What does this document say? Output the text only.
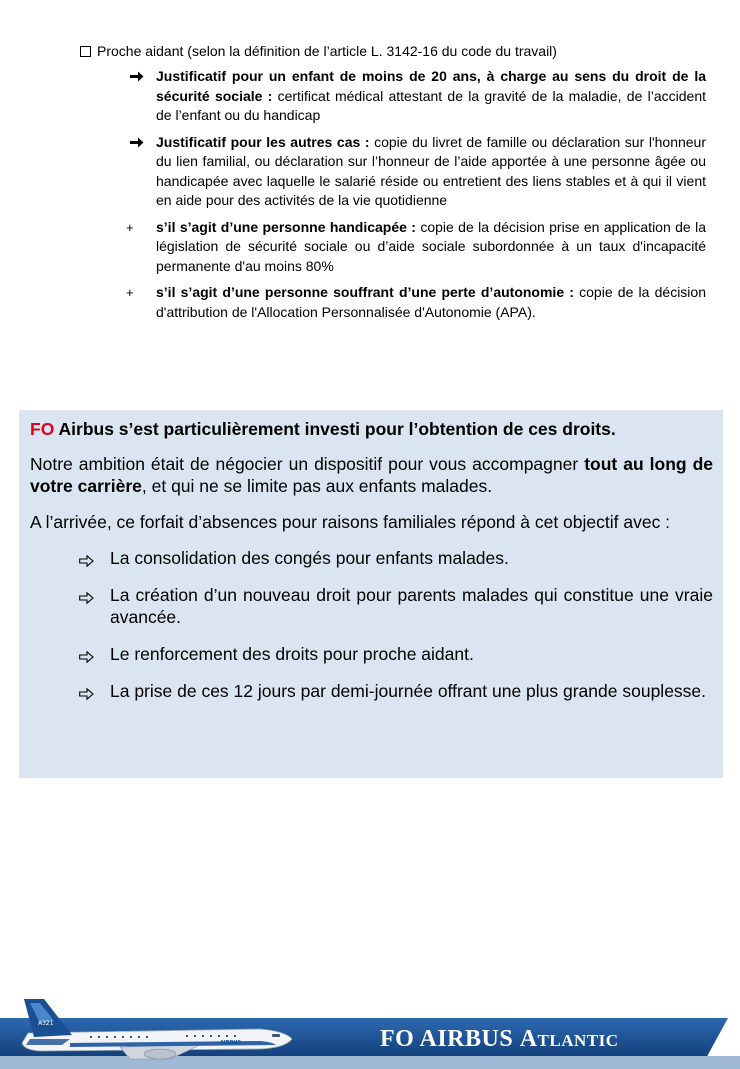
Proche aidant (selon la définition de l’article L. 3142-16 du code du travail)
Justificatif pour un enfant de moins de 20 ans, à charge au sens du droit de la sécurité sociale : certificat médical attestant de la gravité de la maladie, de l’accident de l’enfant ou du handicap
Justificatif pour les autres cas : copie du livret de famille ou déclaration sur l'honneur du lien familial, ou déclaration sur l’honneur de l’aide apportée à une personne âgée ou handicapée avec laquelle le salarié réside ou entretient des liens stables et à qui il vient en aide pour des activités de la vie quotidienne
+	s’il s’agit d’une personne handicapée : copie de la décision prise en application de la législation de sécurité sociale ou d’aide sociale subordonnée à un taux d'incapacité permanente d'au moins 80%
+	s’il s’agit d’une personne souffrant d’une perte d’autonomie : copie de la décision d'attribution de l'Allocation Personnalisée d'Autonomie (APA).
FO Airbus s’est particulièrement investi pour l’obtention de ces droits.

Notre ambition était de négocier un dispositif pour vous accompagner tout au long de votre carrière, et qui ne se limite pas aux enfants malades.

A l’arrivée, ce forfait d’absences pour raisons familiales répond à cet objectif avec :

La consolidation des congés pour enfants malades.
La création d’un nouveau droit pour parents malades qui constitue une vraie avancée.
Le renforcement des droits pour proche aidant.
La prise de ces 12 jours par demi-journée offrant une plus grande souplesse.
A321
AIRBUS	FO AIRBUS Atlantic
